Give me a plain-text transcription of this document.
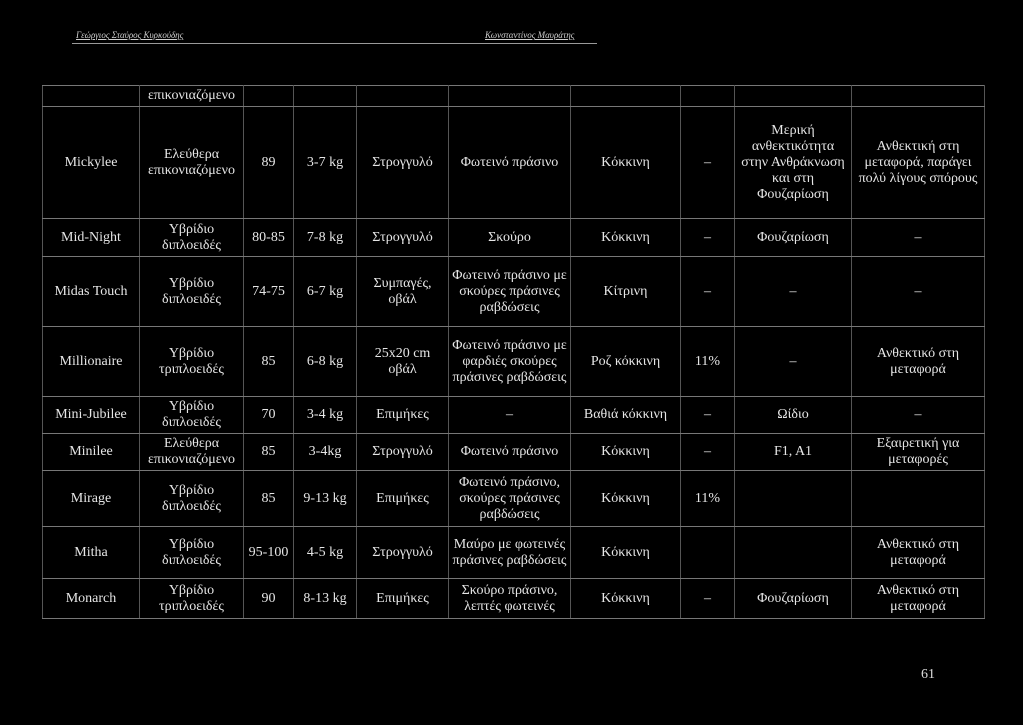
Γεώργιος Σταύρος Κυρκούδης	Κωνσταντίνος Μαυράτης
	επικονιαζόμενο								
Mickylee	Ελεύθερα επικονιαζόμενο	89	3-7 kg	Στρογγυλό	Φωτεινό πράσινο	Κόκκινη	–	Μερική ανθεκτικότητα στην Ανθράκνωση και στη Φουζαρίωση	Ανθεκτική στη μεταφορά, παράγει πολύ λίγους σπόρους
Mid-Night	Υβρίδιο διπλοειδές	80-85	7-8 kg	Στρογγυλό	Σκούρο	Κόκκινη	–	Φουζαρίωση	–
Midas Touch	Υβρίδιο διπλοειδές	74-75	6-7 kg	Συμπαγές, οβάλ	Φωτεινό πράσινο με σκούρες πράσινες ραβδώσεις	Κίτρινη	–	–	–
Millionaire	Υβρίδιο τριπλοειδές	85	6-8 kg	25x20 cm οβάλ	Φωτεινό πράσινο με φαρδιές σκούρες πράσινες ραβδώσεις	Ροζ κόκκινη	11%	–	Ανθεκτικό στη μεταφορά
Mini-Jubilee	Υβρίδιο διπλοειδές	70	3-4 kg	Επιμήκες	–	Βαθιά κόκκινη	–	Ωίδιο	–
Minilee	Ελεύθερα επικονιαζόμενο	85	3-4kg	Στρογγυλό	Φωτεινό πράσινο	Κόκκινη	–	F1, A1	Εξαιρετική για μεταφορές
Mirage	Υβρίδιο διπλοειδές	85	9-13 kg	Επιμήκες	Φωτεινό πράσινο, σκούρες πράσινες ραβδώσεις	Κόκκινη	11%		
Mitha	Υβρίδιο διπλοειδές	95-100	4-5 kg	Στρογγυλό	Μαύρο με φωτεινές πράσινες ραβδώσεις	Κόκκινη			Ανθεκτικό στη μεταφορά
Monarch	Υβρίδιο τριπλοειδές	90	8-13 kg	Επιμήκες	Σκούρο πράσινο, λεπτές φωτεινές	Κόκκινη	–	Φουζαρίωση	Ανθεκτικό στη μεταφορά
61
